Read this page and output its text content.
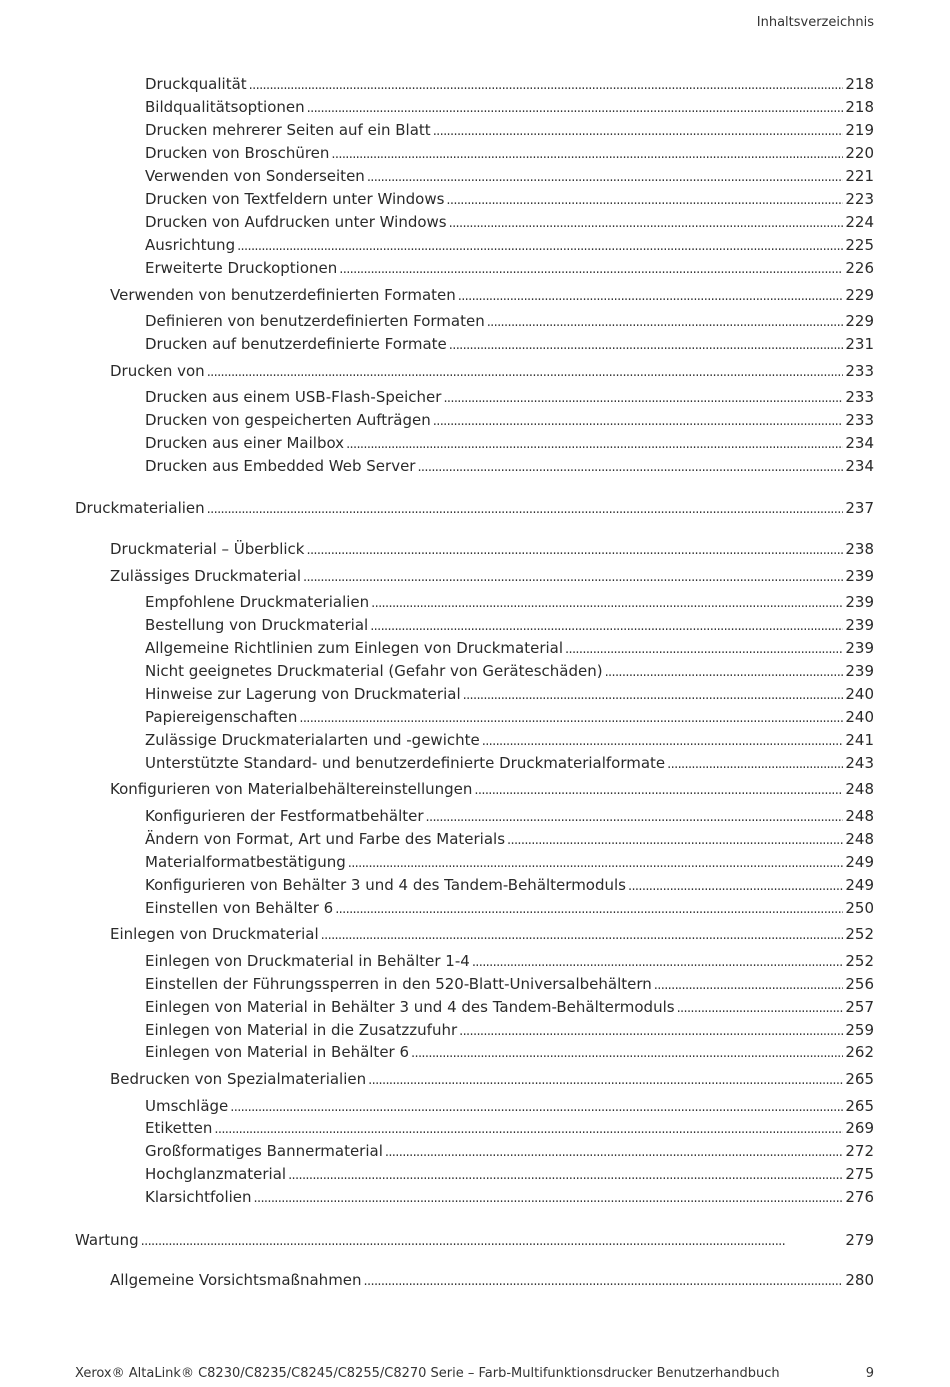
Inhaltsverzeichnis
Druckqualität . . .	218
Bildqualitätsoptionen . . .	218
Drucken mehrerer Seiten auf ein Blatt . . .	219
Drucken von Broschüren . . .	220
Verwenden von Sonderseiten . . .	221
Drucken von Textfeldern unter Windows . . .	223
Drucken von Aufdrucken unter Windows . . .	224
Ausrichtung . . .	225
Erweiterte Druckoptionen . . .	226
Verwenden von benutzerdefinierten Formaten . . .	229
Definieren von benutzerdefinierten Formaten . . .	229
Drucken auf benutzerdefinierte Formate . . .	231
Drucken von . . .	233
Drucken aus einem USB-Flash-Speicher . . .	233
Drucken von gespeicherten Aufträgen . . .	233
Drucken aus einer Mailbox . . .	234
Drucken aus Embedded Web Server . . .	234
Druckmaterialien . . .	237
Druckmaterial – Überblick . . .	238
Zulässiges Druckmaterial . . .	239
Empfohlene Druckmaterialien . . .	239
Bestellung von Druckmaterial . . .	239
Allgemeine Richtlinien zum Einlegen von Druckmaterial . . .	239
Nicht geeignetes Druckmaterial (Gefahr von Geräteschäden) . . .	239
Hinweise zur Lagerung von Druckmaterial . . .	240
Papiereigenschaften . . .	240
Zulässige Druckmaterialarten und -gewichte . . .	241
Unterstützte Standard- und benutzerdefinierte Druckmaterialformate . . .	243
Konfigurieren von Materialbehältereinstellungen . . .	248
Konfigurieren der Festformatbehälter . . .	248
Ändern von Format, Art und Farbe des Materials . . .	248
Materialformatbestätigung . . .	249
Konfigurieren von Behälter 3 und 4 des Tandem-Behältermoduls . . .	249
Einstellen von Behälter 6 . . .	250
Einlegen von Druckmaterial . . .	252
Einlegen von Druckmaterial in Behälter 1-4 . . .	252
Einstellen der Führungssperren in den 520-Blatt-Universalbehältern . . .	256
Einlegen von Material in Behälter 3 und 4 des Tandem-Behältermoduls . . .	257
Einlegen von Material in die Zusatzzufuhr . . .	259
Einlegen von Material in Behälter 6 . . .	262
Bedrucken von Spezialmaterialien . . .	265
Umschläge . . .	265
Etiketten . . .	269
Großformatiges Bannermaterial . . .	272
Hochglanzmaterial . . .	275
Klarsichtfolien . . .	276
Wartung . . .	279
Allgemeine Vorsichtsmaßnahmen . . .	280
Xerox® AltaLink® C8230/C8235/C8245/C8255/C8270 Serie – Farb-Multifunktionsdrucker Benutzerhandbuch	9
